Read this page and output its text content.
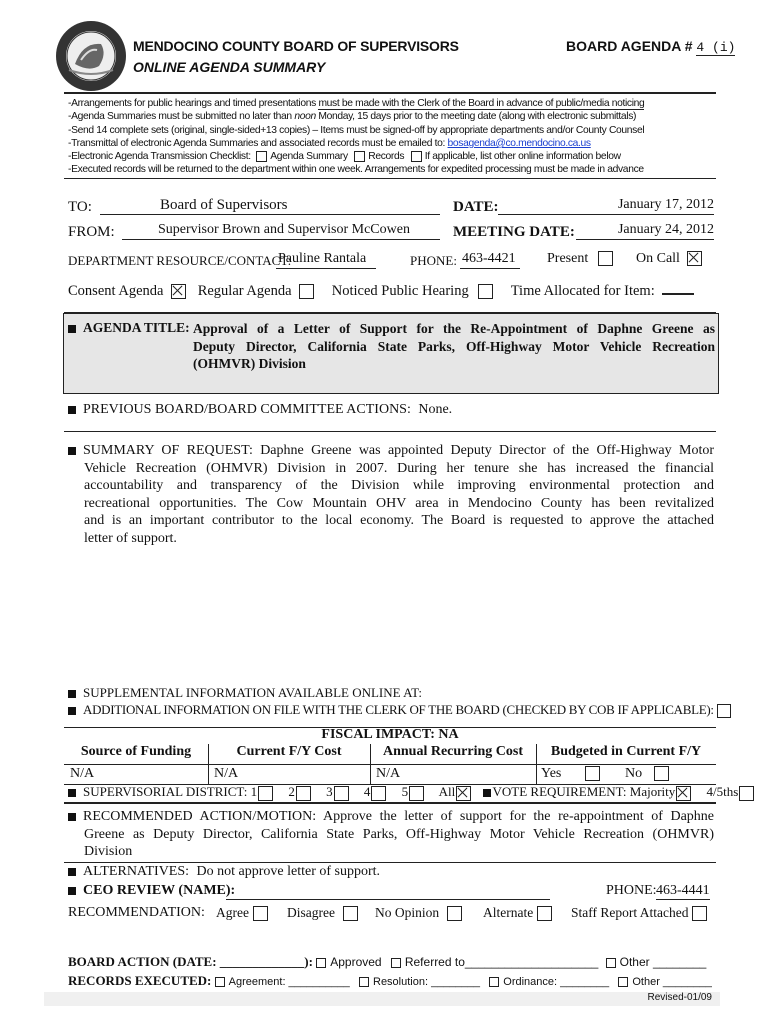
MENDOCINO COUNTY BOARD OF SUPERVISORS
ONLINE AGENDA SUMMARY
BOARD AGENDA # 4 (i)
-Arrangements for public hearings and timed presentations must be made with the Clerk of the Board in advance of public/media noticing
-Agenda Summaries must be submitted no later than noon Monday, 15 days prior to the meeting date (along with electronic submittals)
-Send 14 complete sets (original, single-sided+13 copies) – Items must be signed-off by appropriate departments and/or County Counsel
-Transmittal of electronic Agenda Summaries and associated records must be emailed to: bosagenda@co.mendocino.ca.us
-Electronic Agenda Transmission Checklist: Agenda Summary Records If applicable, list other online information below
-Executed records will be returned to the department within one week. Arrangements for expedited processing must be made in advance
TO:	Board of Supervisors	DATE:	January 17, 2012
FROM:	Supervisor Brown and Supervisor McCowen	MEETING DATE:	January 24, 2012
DEPARTMENT RESOURCE/CONTACT:
Pauline Rantala	PHONE: 463-4421 Present	On Call
Consent Agenda Regular Agenda	Noticed Public Hearing	Time Allocated for Item:
AGENDA TITLE: Approval of a Letter of Support for the Re-Appointment of Daphne Greene as
Deputy Director, California State Parks, Off-Highway Motor Vehicle Recreation
(OHMVR) Division
PREVIOUS BOARD/BOARD COMMITTEE ACTIONS: None.
SUMMARY OF REQUEST: Daphne Greene was appointed Deputy Director of the Off-Highway Motor
Vehicle Recreation (OHMVR) Division in 2007. During her tenure she has increased the financial
accountability and transparency of the Division while improving environmental protection and
recreational opportunities. The Cow Mountain OHV area in Mendocino County has been revitalized
and is an important contributor to the local economy. The Board is requested to approve the attached
letter of support.
SUPPLEMENTAL INFORMATION AVAILABLE ONLINE AT:
ADDITIONAL INFORMATION ON FILE WITH THE CLERK OF THE BOARD (CHECKED BY COB IF APPLICABLE):
FISCAL IMPACT: NA
Source of Funding	Current F/Y Cost	Annual Recurring Cost	Budgeted in Current F/Y
N/A	N/A	N/A	Yes	No
SUPERVISORIAL DISTRICT: 1 2 3 4 5 All	VOTE REQUIREMENT: Majority 4/5ths
RECOMMENDED ACTION/MOTION: Approve the letter of support for the re-appointment of Daphne
Greene as Deputy Director, California State Parks, Off-Highway Motor Vehicle Recreation (OHMVR)
Division
ALTERNATIVES: Do not approve letter of support.
CEO REVIEW (NAME):	PHONE: 463-4441
RECOMMENDATION: Agree	Disagree	No Opinion	Alternate	Staff Report Attached
BOARD ACTION (DATE: _____________): Approved Referred to____________________ Other ________
RECORDS EXECUTED: Agreement: __________ Resolution: ________ Ordinance: ________ Other ________
Revised-01/09
